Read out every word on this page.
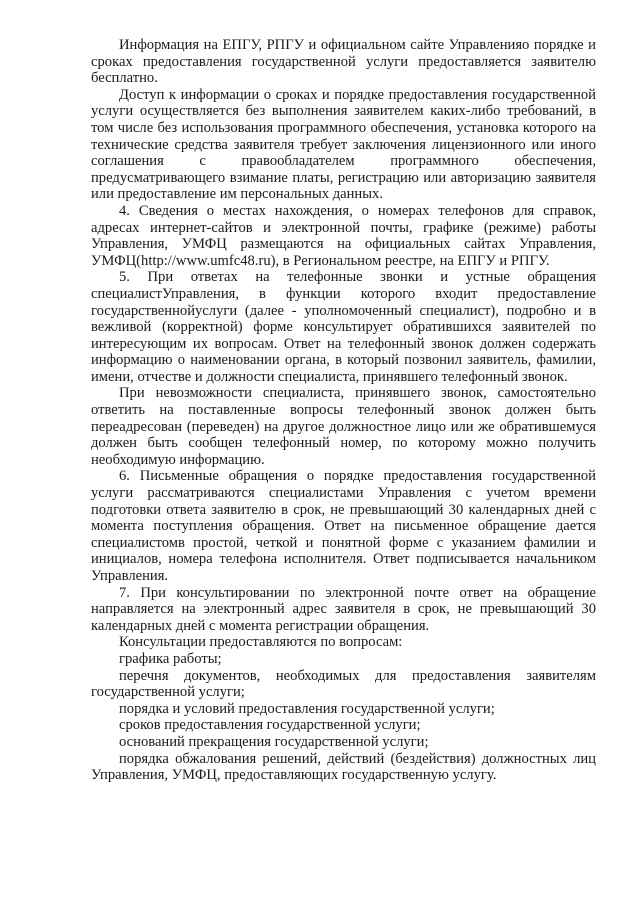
Информация на ЕПГУ, РПГУ и официальном сайте Управленияо порядке и сроках предоставления государственной услуги предоставляется заявителю бесплатно.

Доступ к информации о сроках и порядке предоставления государственной услуги осуществляется без выполнения заявителем каких-либо требований, в том числе без использования программного обеспечения, установка которого на технические средства заявителя требует заключения лицензионного или иного соглашения с правообладателем программного обеспечения, предусматривающего взимание платы, регистрацию или авторизацию заявителя или предоставление им персональных данных.

4. Сведения о местах нахождения, о номерах телефонов для справок, адресах интернет-сайтов и электронной почты, графике (режиме) работы Управления, УМФЦ размещаются на официальных сайтах Управления, УМФЦ(http://www.umfc48.ru), в Региональном реестре, на ЕПГУ и РПГУ.

5. При ответах на телефонные звонки и устные обращения специалистУправления, в функции которого входит предоставление государственнойуслуги (далее - уполномоченный специалист), подробно и в вежливой (корректной) форме консультирует обратившихся заявителей по интересующим их вопросам. Ответ на телефонный звонок должен содержать информацию о наименовании органа, в который позвонил заявитель, фамилии, имени, отчестве и должности специалиста, принявшего телефонный звонок.

При невозможности специалиста, принявшего звонок, самостоятельно ответить на поставленные вопросы телефонный звонок должен быть переадресован (переведен) на другое должностное лицо или же обратившемуся должен быть сообщен телефонный номер, по которому можно получить необходимую информацию.

6. Письменные обращения о порядке предоставления государственной услуги рассматриваются специалистами Управления с учетом времени подготовки ответа заявителю в срок, не превышающий 30 календарных дней с момента поступления обращения. Ответ на письменное обращение дается специалистомв простой, четкой и понятной форме с указанием фамилии и инициалов, номера телефона исполнителя. Ответ подписывается начальником Управления.

7. При консультировании по электронной почте ответ на обращение направляется на электронный адрес заявителя в срок, не превышающий 30 календарных дней с момента регистрации обращения.

Консультации предоставляются по вопросам:

графика работы;

перечня документов, необходимых для предоставления заявителям государственной услуги;

порядка и условий предоставления государственной услуги;

сроков предоставления государственной услуги;

оснований прекращения государственной услуги;

порядка обжалования решений, действий (бездействия) должностных лиц Управления, УМФЦ, предоставляющих государственную услугу.
